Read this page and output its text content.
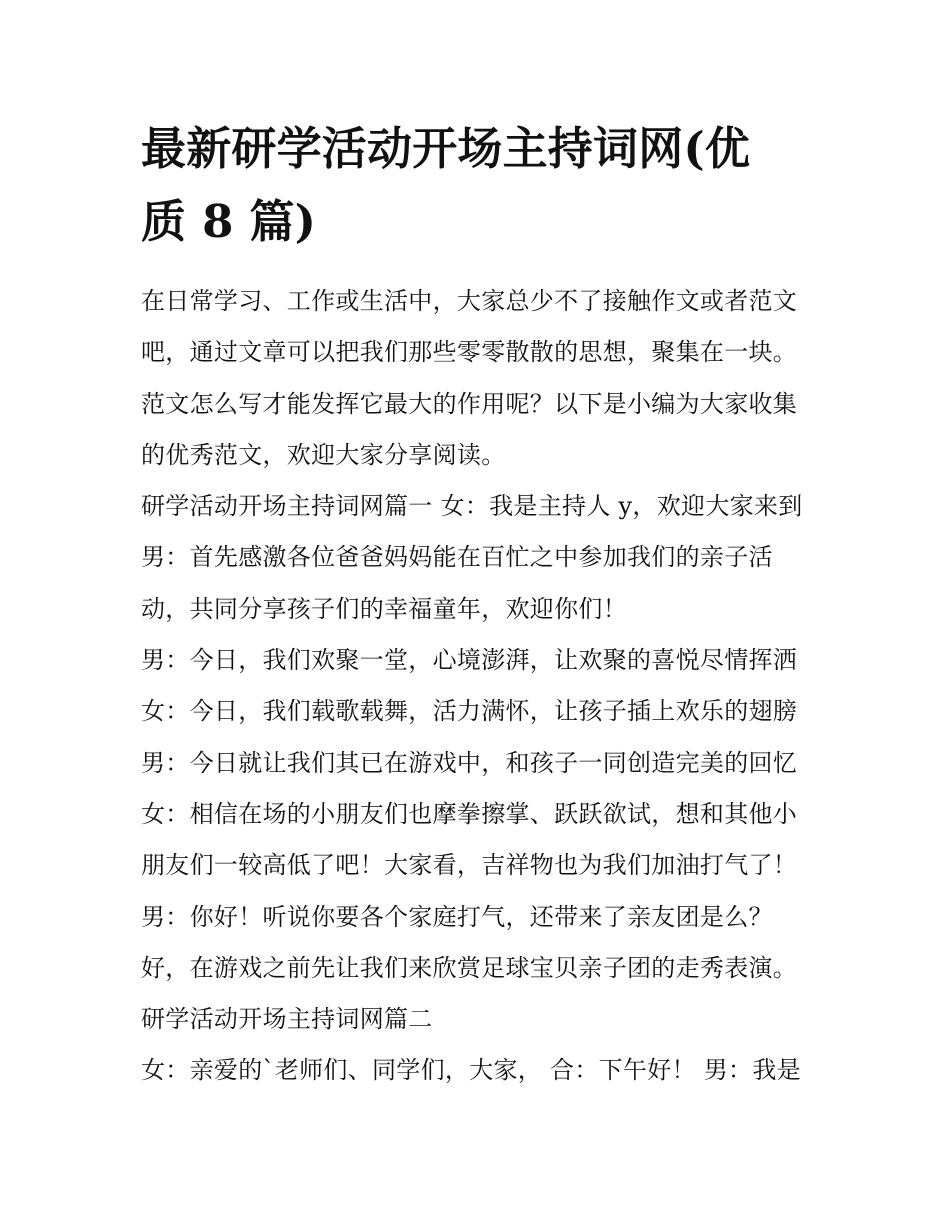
最新研学活动开场主持词网(优
质 8 篇)
在日常学习、工作或生活中，大家总少不了接触作文或者范文
吧，通过文章可以把我们那些零零散散的思想，聚集在一块。
范文怎么写才能发挥它最大的作用呢？以下是小编为大家收集
的优秀范文，欢迎大家分享阅读。
研学活动开场主持词网篇一 女：我是主持人 y，欢迎大家来到
男：首先感激各位爸爸妈妈能在百忙之中参加我们的亲子活
动，共同分享孩子们的幸福童年，欢迎你们！
男：今日，我们欢聚一堂，心境澎湃，让欢聚的喜悦尽情挥洒
女：今日，我们载歌载舞，活力满怀，让孩子插上欢乐的翅膀
男：今日就让我们其已在游戏中，和孩子一同创造完美的回忆
女：相信在场的小朋友们也摩拳擦掌、跃跃欲试，想和其他小
朋友们一较高低了吧！大家看，吉祥物也为我们加油打气了！
男：你好！听说你要各个家庭打气，还带来了亲友团是么？
好，在游戏之前先让我们来欣赏足球宝贝亲子团的走秀表演。
研学活动开场主持词网篇二
女：亲爱的`老师们、同学们，大家， 合：下午好！ 男：我是
